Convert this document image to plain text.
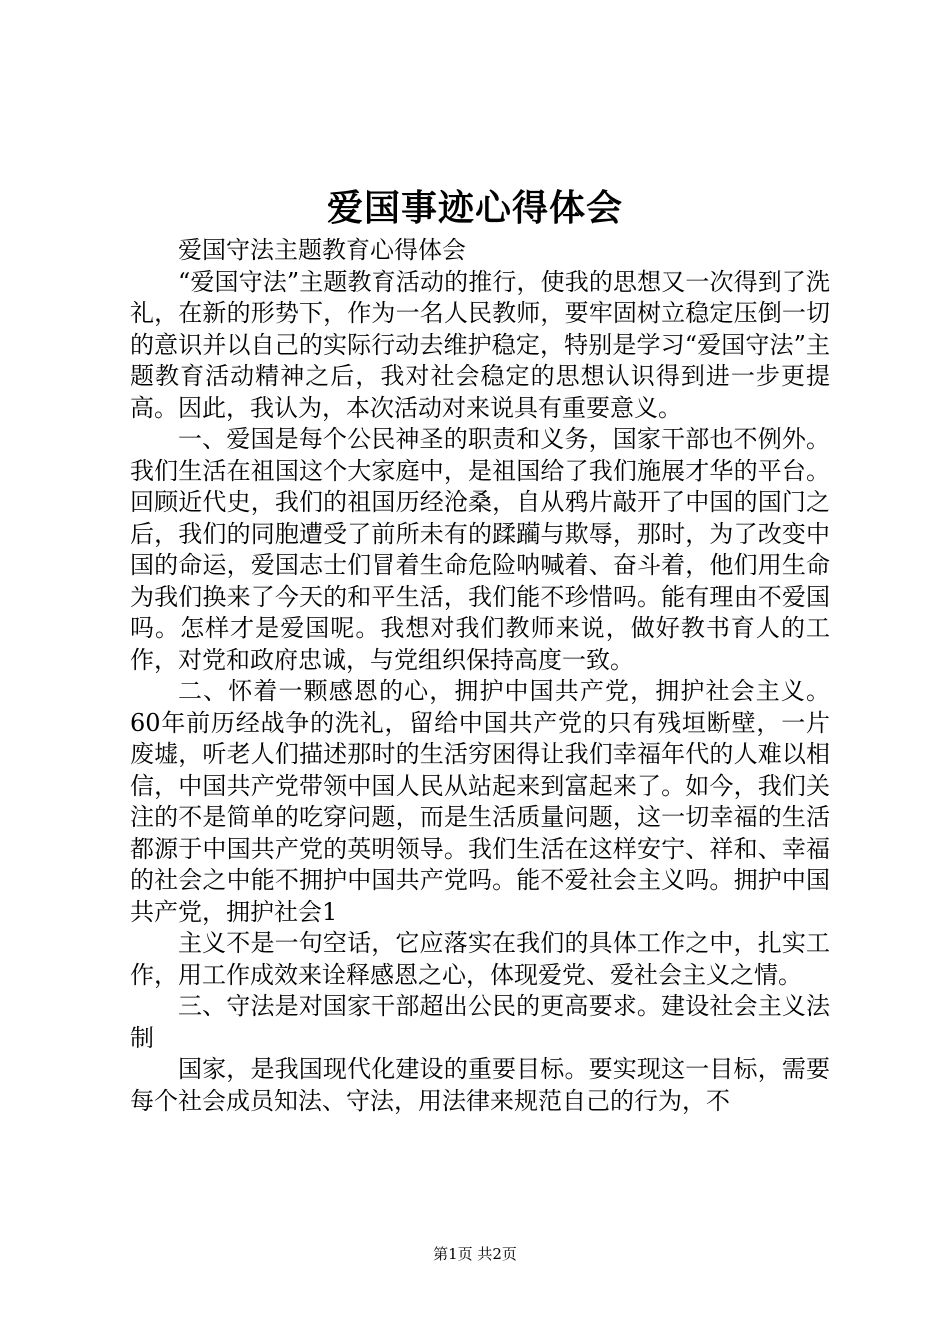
爱国事迹心得体会

爱国守法主题教育心得体会

“爱国守法”主题教育活动的推行，使我的思想又一次得到了洗礼，在新的形势下，作为一名人民教师，要牢固树立稳定压倒一切的意识并以自己的实际行动去维护稳定，特别是学习“爱国守法”主题教育活动精神之后，我对社会稳定的思想认识得到进一步更提高。因此，我认为，本次活动对来说具有重要意义。

一、爱国是每个公民神圣的职责和义务，国家干部也不例外。我们生活在祖国这个大家庭中，是祖国给了我们施展才华的平台。回顾近代史，我们的祖国历经沧桑，自从鸦片敲开了中国的国门之后，我们的同胞遭受了前所未有的蹂躏与欺辱，那时，为了改变中国的命运，爱国志士们冒着生命危险呐喊着、奋斗着，他们用生命为我们换来了今天的和平生活，我们能不珍惜吗。能有理由不爱国吗。怎样才是爱国呢。我想对我们教师来说，做好教书育人的工作，对党和政府忠诚，与党组织保持高度一致。

二、怀着一颗感恩的心，拥护中国共产党，拥护社会主义。60年前历经战争的洗礼，留给中国共产党的只有残垣断壁，一片废墟，听老人们描述那时的生活穷困得让我们幸福年代的人难以相信，中国共产党带领中国人民从站起来到富起来了。如今，我们关注的不是简单的吃穿问题，而是生活质量问题，这一切幸福的生活都源于中国共产党的英明领导。我们生活在这样安宁、祥和、幸福的社会之中能不拥护中国共产党吗。能不爱社会主义吗。拥护中国共产党，拥护社会1

主义不是一句空话，它应落实在我们的具体工作之中，扎实工作，用工作成效来诠释感恩之心，体现爱党、爱社会主义之情。

三、守法是对国家干部超出公民的更高要求。建设社会主义法制

国家，是我国现代化建设的重要目标。要实现这一目标，需要每个社会成员知法、守法，用法律来规范自己的行为，不

第1页 共2页
